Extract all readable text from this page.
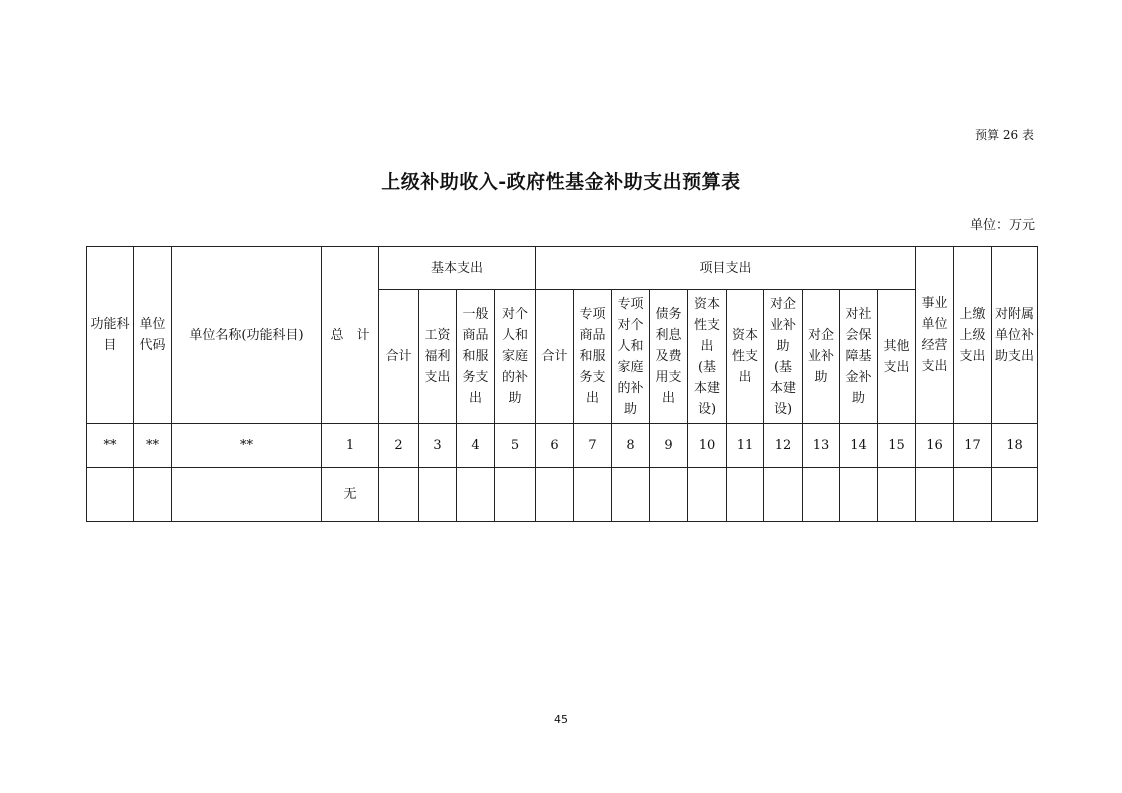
预算 26 表
上级补助收入-政府性基金补助支出预算表
单位：万元
功能科目	单位代码	单位名称(功能科目)	总　计	基本支出				项目支出										事业单位经营支出	上缴上级支出	对附属单位补助支出
				合计	工资福利支出	一般商品和服务支出	对个人和家庭的补助	合计	专项商品和服务支出	专项对个人和家庭的补助	债务利息及费用支出	资本性支出(基本建设)	资本性支出	对企业补助(基本建设)	对企业补助	对社会保障基金补助	其他支出			
**	**	**	1	2	3	4	5	6	7	8	9	10	11	12	13	14	15	16	17	18
			无																	
45
